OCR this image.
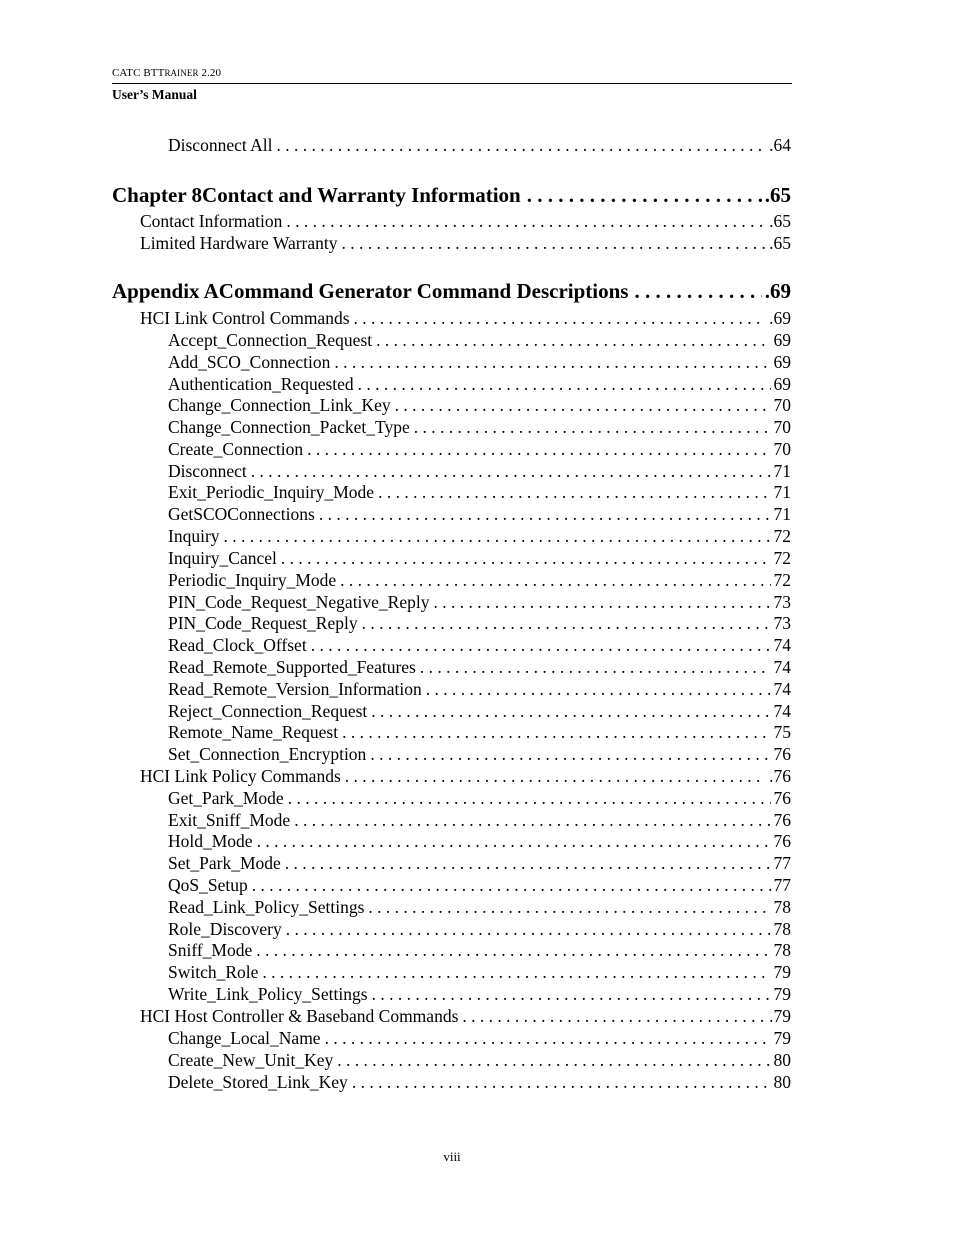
CATC BTTRAINER 2.20
User’s Manual
Disconnect All . . .	.64
Chapter 8 Contact and Warranty Information . . .	.65
Contact Information . . .	.65
Limited Hardware Warranty . . .	.65
Appendix A Command Generator Command Descriptions . . .	.69
HCI Link Control Commands . . .	.69
Accept_Connection_Request . . .	69
Add_SCO_Connection . . .	69
Authentication_Requested . . .	69
Change_Connection_Link_Key . . .	70
Change_Connection_Packet_Type . . .	70
Create_Connection . . .	70
Disconnect . . .	71
Exit_Periodic_Inquiry_Mode . . .	71
GetSCOConnections . . .	71
Inquiry . . .	72
Inquiry_Cancel . . .	72
Periodic_Inquiry_Mode . . .	72
PIN_Code_Request_Negative_Reply . . .	73
PIN_Code_Request_Reply . . .	73
Read_Clock_Offset . . .	74
Read_Remote_Supported_Features . . .	74
Read_Remote_Version_Information . . .	74
Reject_Connection_Request . . .	74
Remote_Name_Request . . .	75
Set_Connection_Encryption . . .	76
HCI Link Policy Commands . . .	.76
Get_Park_Mode . . .	76
Exit_Sniff_Mode . . .	76
Hold_Mode . . .	76
Set_Park_Mode . . .	77
QoS_Setup . . .	77
Read_Link_Policy_Settings . . .	78
Role_Discovery . . .	78
Sniff_Mode . . .	78
Switch_Role . . .	79
Write_Link_Policy_Settings . . .	79
HCI Host Controller & Baseband Commands . . .	.79
Change_Local_Name . . .	79
Create_New_Unit_Key . . .	80
Delete_Stored_Link_Key . . .	80
viii
